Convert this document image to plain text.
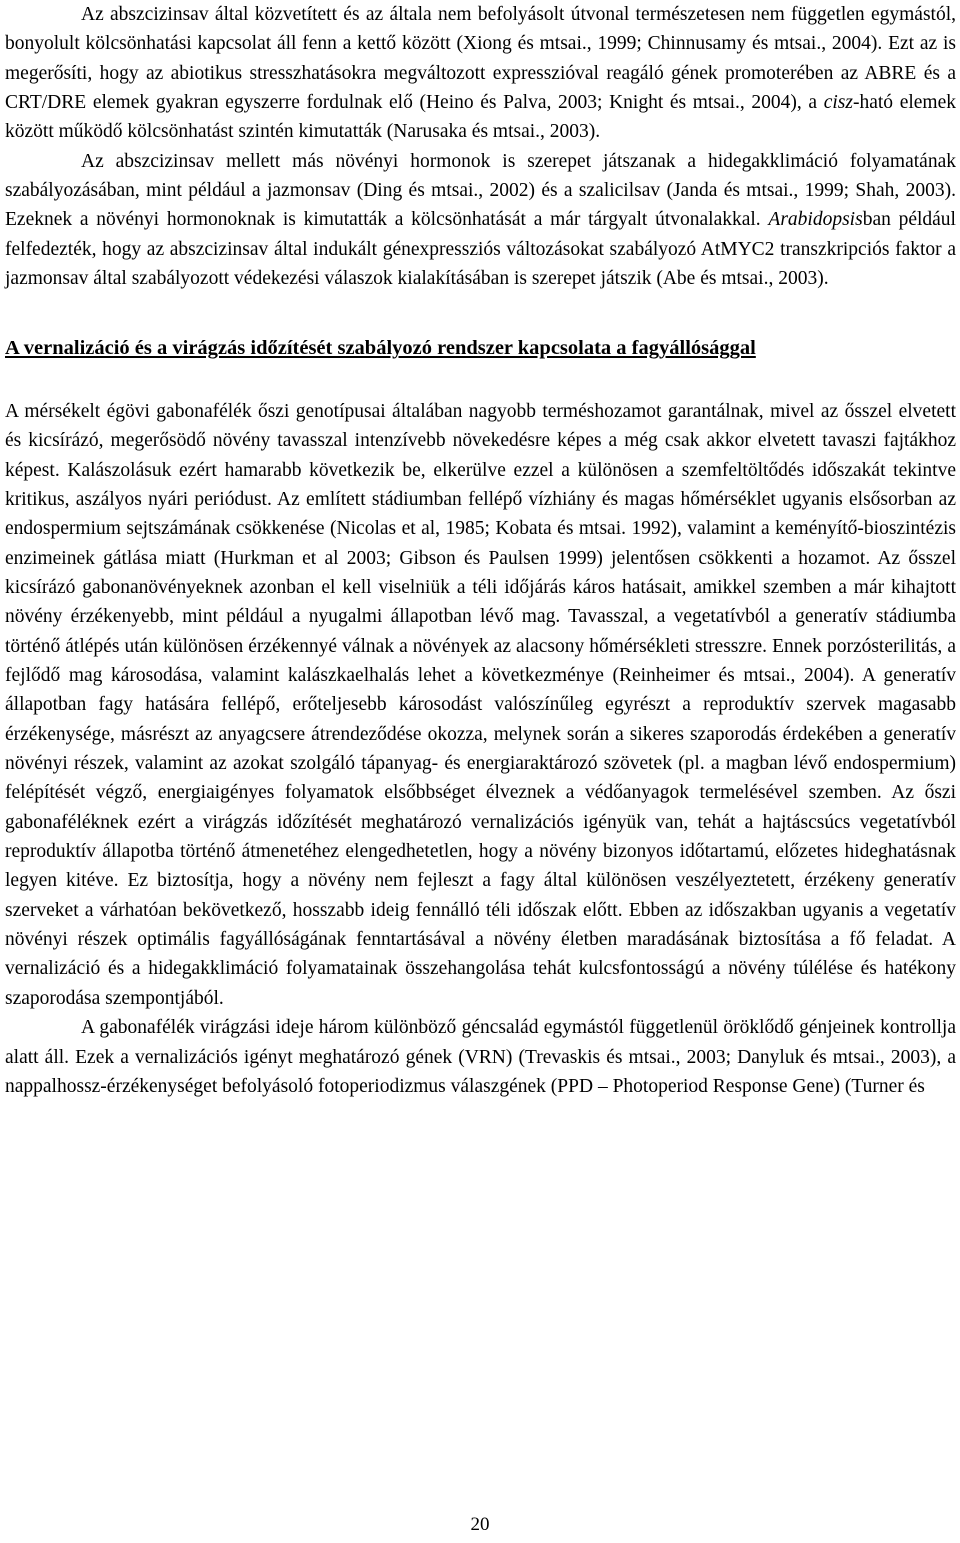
Az abszcizinsav által közvetített és az általa nem befolyásolt útvonal természetesen nem független egymástól, bonyolult kölcsönhatási kapcsolat áll fenn a kettő között (Xiong és mtsai., 1999; Chinnusamy és mtsai., 2004). Ezt az is megerősíti, hogy az abiotikus stresszhatásokra megváltozott expresszióval reagáló gének promoterében az ABRE és a CRT/DRE elemek gyakran egyszerre fordulnak elő (Heino és Palva, 2003; Knight és mtsai., 2004), a cisz-ható elemek között működő kölcsönhatást szintén kimutatták (Narusaka és mtsai., 2003).

Az abszcizinsav mellett más növényi hormonok is szerepet játszanak a hidegakklimáció folyamatának szabályozásában, mint például a jazmonsav (Ding és mtsai., 2002) és a szalicilsav (Janda és mtsai., 1999; Shah, 2003). Ezeknek a növényi hormonoknak is kimutatták a kölcsönhatását a már tárgyalt útvonalakkal. Arabidopsisban például felfedezték, hogy az abszcizinsav által indukált génexpressziós változásokat szabályozó AtMYC2 transzkripciós faktor a jazmonsav által szabályozott védekezési válaszok kialakításában is szerepet játszik (Abe és mtsai., 2003).

A vernalizáció és a virágzás időzítését szabályozó rendszer kapcsolata a fagyállósággal

A mérsékelt égövi gabonafélék őszi genotípusai általában nagyobb terméshozamot garantálnak, mivel az ősszel elvetett és kicsírázó, megerősödő növény tavasszal intenzívebb növekedésre képes a még csak akkor elvetett tavaszi fajtákhoz képest. Kalászolásuk ezért hamarabb következik be, elkerülve ezzel a különösen a szemfeltöltődés időszakát tekintve kritikus, aszályos nyári periódust. Az említett stádiumban fellépő vízhiány és magas hőmérséklet ugyanis elsősorban az endospermium sejtszámának csökkenése (Nicolas et al, 1985; Kobata és mtsai. 1992), valamint a keményítő-bioszintézis enzimeinek gátlása miatt (Hurkman et al 2003; Gibson és Paulsen 1999) jelentősen csökkenti a hozamot. Az ősszel kicsírázó gabonanövényeknek azonban el kell viselniük a téli időjárás káros hatásait, amikkel szemben a már kihajtott növény érzékenyebb, mint például a nyugalmi állapotban lévő mag. Tavasszal, a vegetatívból a generatív stádiumba történő átlépés után különösen érzékennyé válnak a növények az alacsony hőmérsékleti stresszre. Ennek porzósterilitás, a fejlődő mag károsodása, valamint kalászkaelhalás lehet a következménye (Reinheimer és mtsai., 2004). A generatív állapotban fagy hatására fellépő, erőteljesebb károsodást valószínűleg egyrészt a reproduktív szervek magasabb érzékenysége, másrészt az anyagcsere átrendeződése okozza, melynek során a sikeres szaporodás érdekében a generatív növényi részek, valamint az azokat szolgáló tápanyag- és energiaraktározó szövetek (pl. a magban lévő endospermium) felépítését végző, energiaigényes folyamatok elsőbbséget élveznek a védőanyagok termelésével szemben. Az őszi gabonaféléknek ezért a virágzás időzítését meghatározó vernalizációs igényük van, tehát a hajtáscsúcs vegetatívból reproduktív állapotba történő átmenetéhez elengedhetetlen, hogy a növény bizonyos időtartamú, előzetes hideghatásnak legyen kitéve. Ez biztosítja, hogy a növény nem fejleszt a fagy által különösen veszélyeztetett, érzékeny generatív szerveket a várhatóan bekövetkező, hosszabb ideig fennálló téli időszak előtt. Ebben az időszakban ugyanis a vegetatív növényi részek optimális fagyállóságának fenntartásával a növény életben maradásának biztosítása a fő feladat. A vernalizáció és a hidegakklimáció folyamatainak összehangolása tehát kulcsfontosságú a növény túlélése és hatékony szaporodása szempontjából.

A gabonafélék virágzási ideje három különböző géncsalád egymástól függetlenül öröklődő génjeinek kontrollja alatt áll. Ezek a vernalizációs igényt meghatározó gének (VRN) (Trevaskis és mtsai., 2003; Danyluk és mtsai., 2003), a nappalhossz-érzékenységet befolyásoló fotoperiodizmus válaszgének (PPD – Photoperiod Response Gene) (Turner és

20
